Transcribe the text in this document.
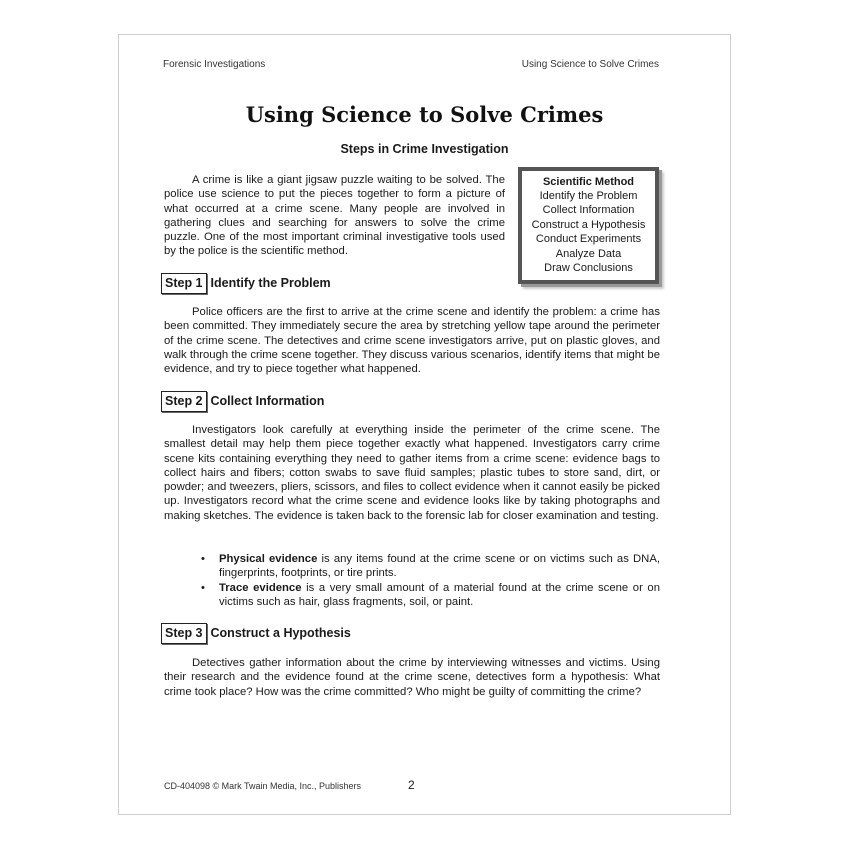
Forensic Investigations	Using Science to Solve Crimes
Using Science to Solve Crimes
Steps in Crime Investigation

A crime is like a giant jigsaw puzzle waiting to be solved. The police use science to put the pieces together to form a picture of what occurred at a crime scene. Many people are involved in gathering clues and searching for answers to solve the crime puzzle. One of the most important criminal investigative tools used by the police is the scientific method.

Scientific Method
Identify the Problem
Collect Information
Construct a Hypothesis
Conduct Experiments
Analyze Data
Draw Conclusions
Step 1 Identify the Problem

Police officers are the first to arrive at the crime scene and identify the problem: a crime has been committed. They immediately secure the area by stretching yellow tape around the perimeter of the crime scene. The detectives and crime scene investigators arrive, put on plastic gloves, and walk through the crime scene together. They discuss various scenarios, identify items that might be evidence, and try to piece together what happened.

Step 2 Collect Information

Investigators look carefully at everything inside the perimeter of the crime scene. The smallest detail may help them piece together exactly what happened. Investigators carry crime scene kits containing everything they need to gather items from a crime scene: evidence bags to collect hairs and fibers; cotton swabs to save fluid samples; plastic tubes to store sand, dirt, or powder; and tweezers, pliers, scissors, and files to collect evidence when it cannot easily be picked up. Investigators record what the crime scene and evidence looks like by taking photographs and making sketches. The evidence is taken back to the forensic lab for closer examination and testing.

• Physical evidence is any items found at the crime scene or on victims such as DNA, fingerprints, footprints, or tire prints.
• Trace evidence is a very small amount of a material found at the crime scene or on victims such as hair, glass fragments, soil, or paint.
Step 3 Construct a Hypothesis

Detectives gather information about the crime by interviewing witnesses and victims. Using their research and the evidence found at the crime scene, detectives form a hypothesis: What crime took place? How was the crime committed? Who might be guilty of committing the crime?

CD-404098 © Mark Twain Media, Inc., Publishers	2
